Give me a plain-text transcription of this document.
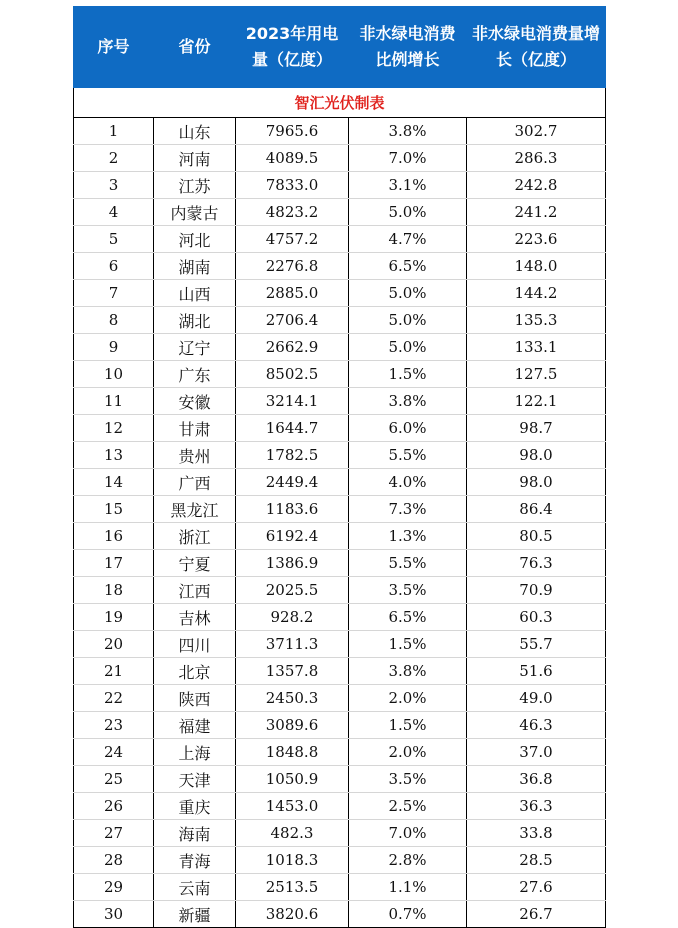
序号	省份	2023年用电量（亿度）	非水绿电消费比例增长	非水绿电消费量增长（亿度）
智汇光伏制表				
1	山东	7965.6	3.8%	302.7
2	河南	4089.5	7.0%	286.3
3	江苏	7833.0	3.1%	242.8
4	内蒙古	4823.2	5.0%	241.2
5	河北	4757.2	4.7%	223.6
6	湖南	2276.8	6.5%	148.0
7	山西	2885.0	5.0%	144.2
8	湖北	2706.4	5.0%	135.3
9	辽宁	2662.9	5.0%	133.1
10	广东	8502.5	1.5%	127.5
11	安徽	3214.1	3.8%	122.1
12	甘肃	1644.7	6.0%	98.7
13	贵州	1782.5	5.5%	98.0
14	广西	2449.4	4.0%	98.0
15	黑龙江	1183.6	7.3%	86.4
16	浙江	6192.4	1.3%	80.5
17	宁夏	1386.9	5.5%	76.3
18	江西	2025.5	3.5%	70.9
19	吉林	928.2	6.5%	60.3
20	四川	3711.3	1.5%	55.7
21	北京	1357.8	3.8%	51.6
22	陕西	2450.3	2.0%	49.0
23	福建	3089.6	1.5%	46.3
24	上海	1848.8	2.0%	37.0
25	天津	1050.9	3.5%	36.8
26	重庆	1453.0	2.5%	36.3
27	海南	482.3	7.0%	33.8
28	青海	1018.3	2.8%	28.5
29	云南	2513.5	1.1%	27.6
30	新疆	3820.6	0.7%	26.7
